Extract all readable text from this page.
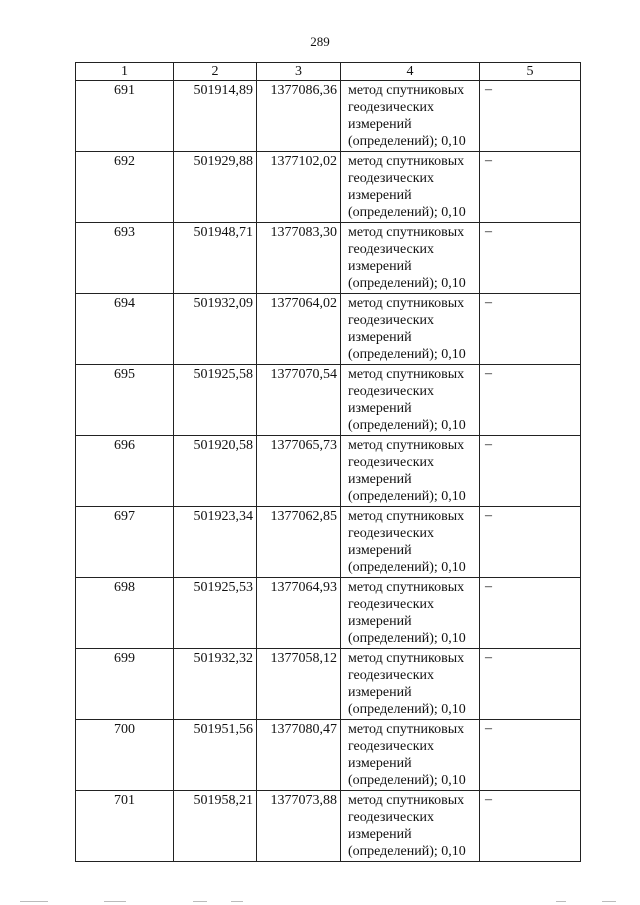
289
1	2	3	4	5
691	501914,89	1377086,36	метод спутниковых геодезических измерений (определений); 0,10	–
692	501929,88	1377102,02	метод спутниковых геодезических измерений (определений); 0,10	–
693	501948,71	1377083,30	метод спутниковых геодезических измерений (определений); 0,10	–
694	501932,09	1377064,02	метод спутниковых геодезических измерений (определений); 0,10	–
695	501925,58	1377070,54	метод спутниковых геодезических измерений (определений); 0,10	–
696	501920,58	1377065,73	метод спутниковых геодезических измерений (определений); 0,10	–
697	501923,34	1377062,85	метод спутниковых геодезических измерений (определений); 0,10	–
698	501925,53	1377064,93	метод спутниковых геодезических измерений (определений); 0,10	–
699	501932,32	1377058,12	метод спутниковых геодезических измерений (определений); 0,10	–
700	501951,56	1377080,47	метод спутниковых геодезических измерений (определений); 0,10	–
701	501958,21	1377073,88	метод спутниковых геодезических измерений (определений); 0,10	–
